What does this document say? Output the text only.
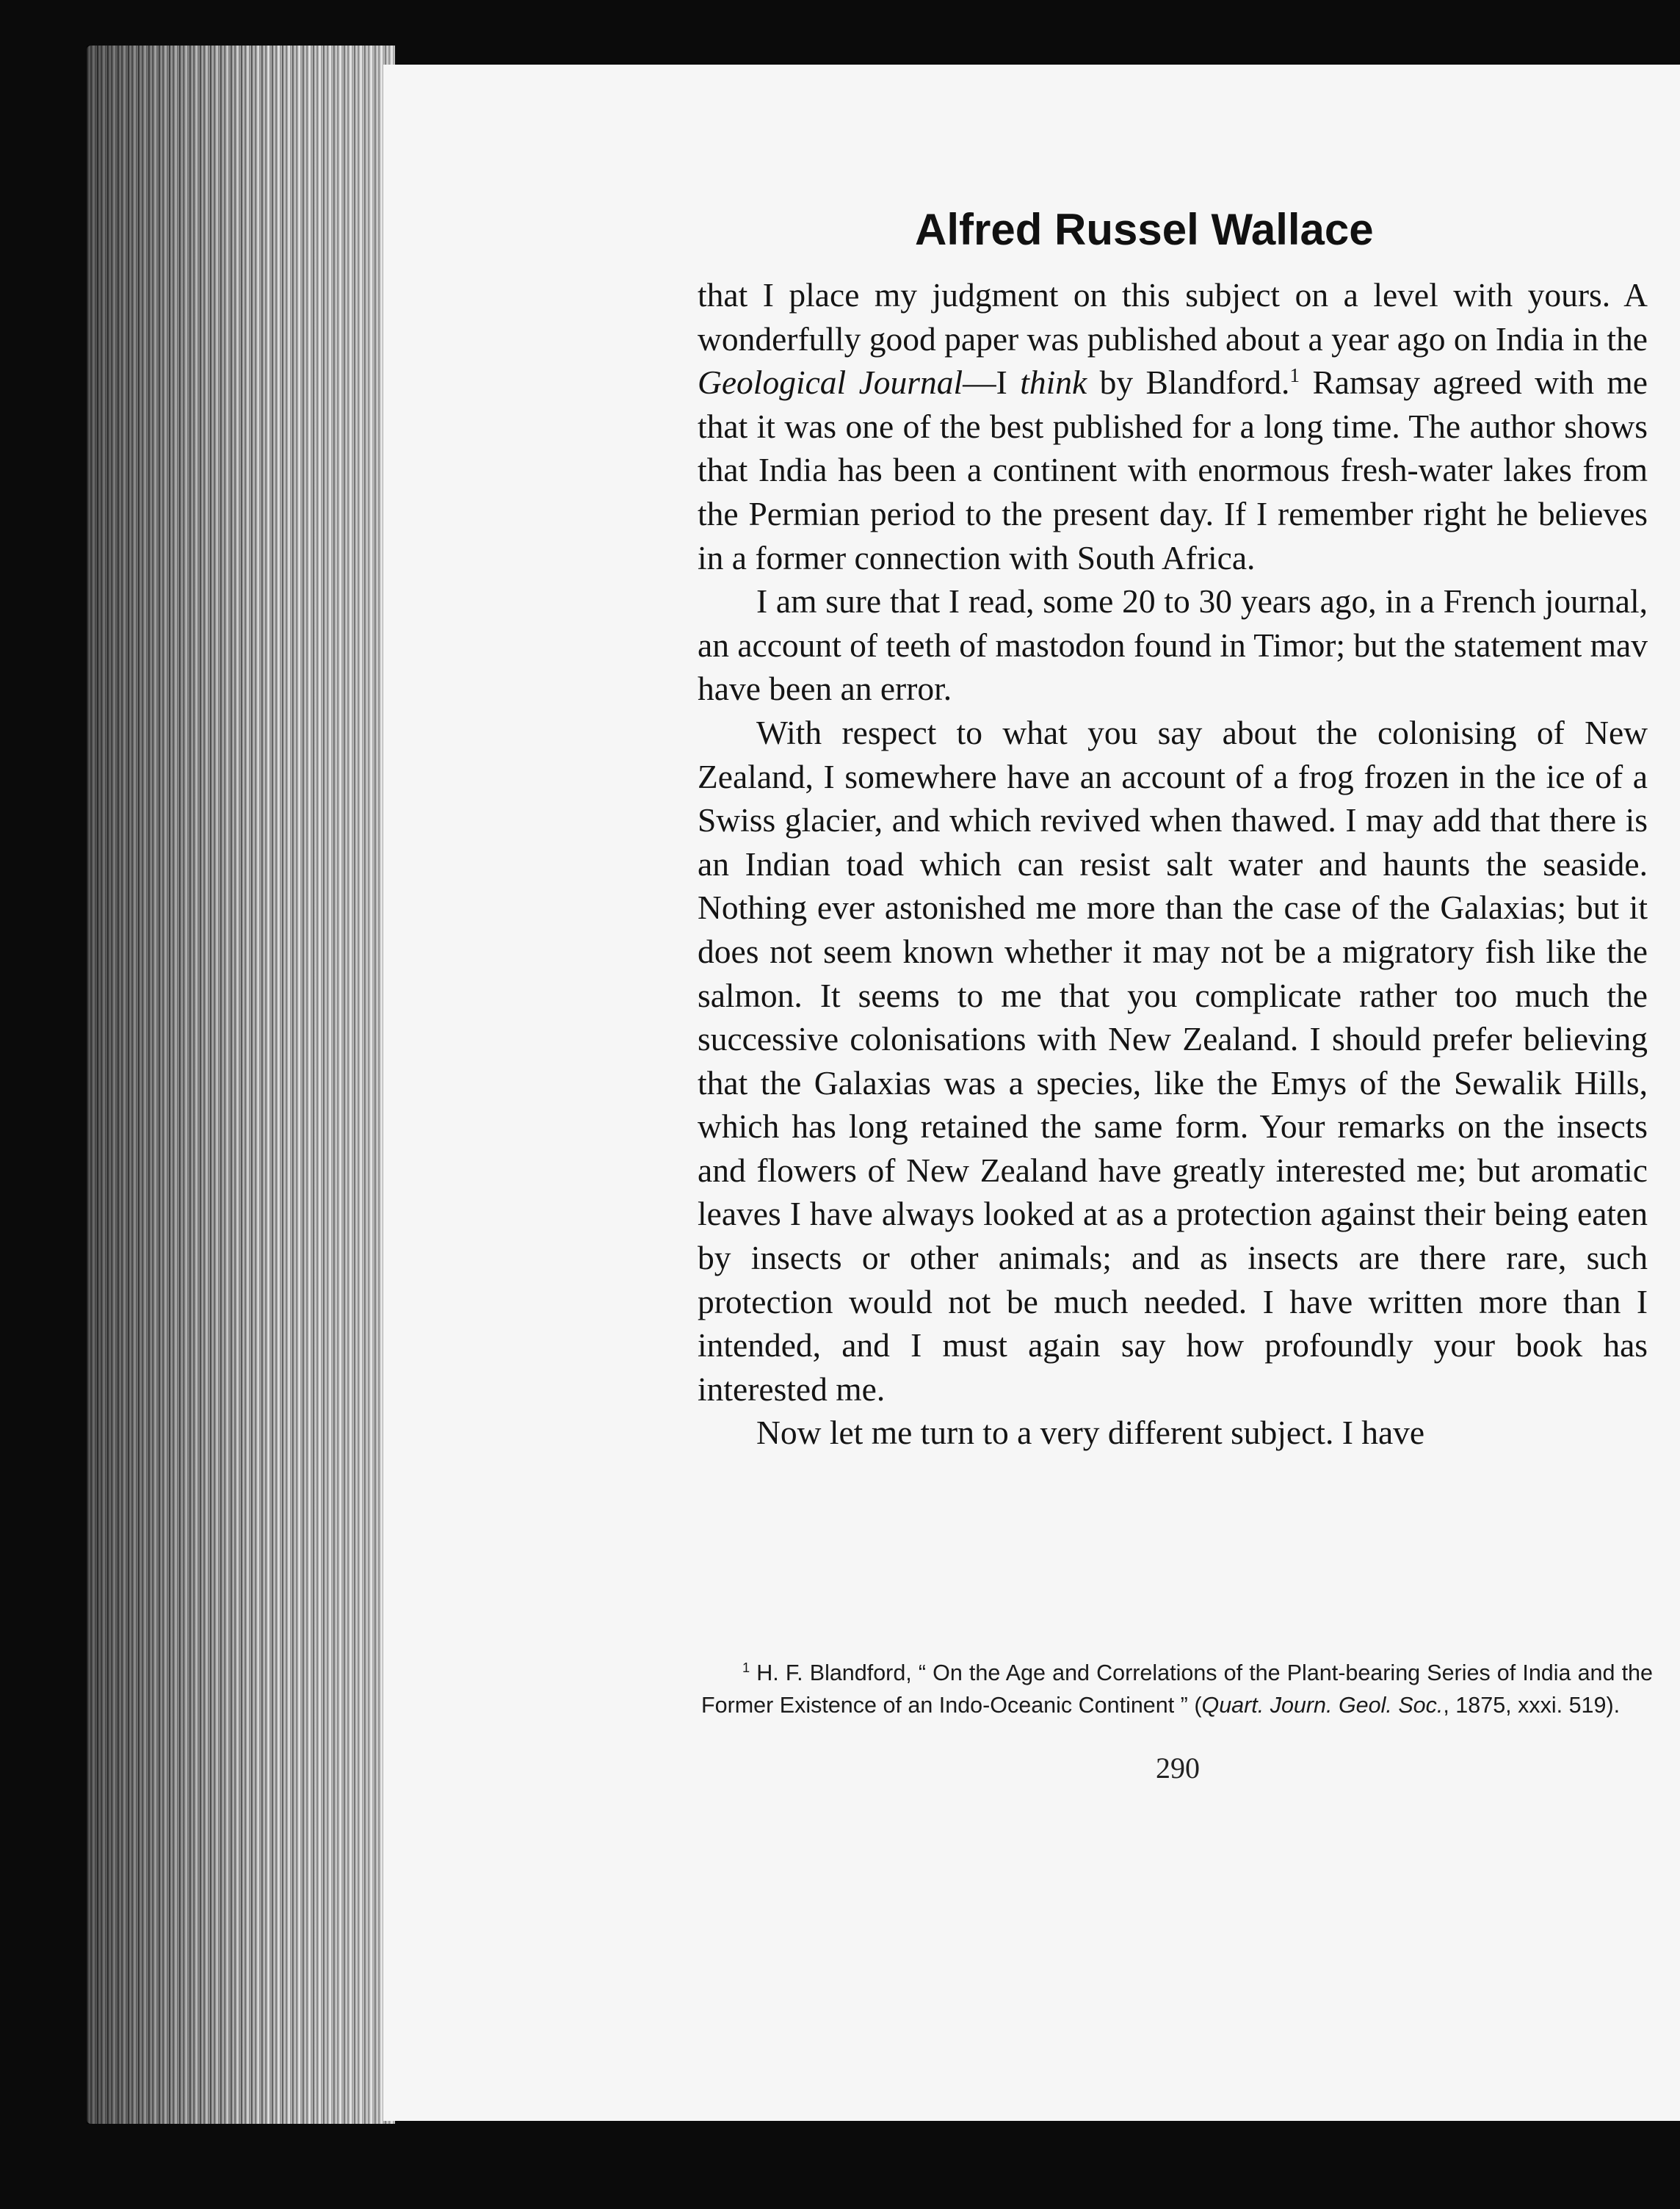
Alfred Russel Wallace

that I place my judgment on this subject on a level with yours. A wonderfully good paper was published about a year ago on India in the Geological Journal—I think by Blandford.$^1$ Ramsay agreed with me that it was one of the best published for a long time. The author shows that India has been a continent with enormous fresh-water lakes from the Permian period to the present day. If I remember right he believes in a former connection with South Africa.

I am sure that I read, some 20 to 30 years ago, in a French journal, an account of teeth of mastodon found in Timor; but the statement mav have been an error.

With respect to what you say about the colonising of New Zealand, I somewhere have an account of a frog frozen in the ice of a Swiss glacier, and which revived when thawed. I may add that there is an Indian toad which can resist salt water and haunts the seaside. Nothing ever astonished me more than the case of the Galaxias; but it does not seem known whether it may not be a migratory fish like the salmon. It seems to me that you complicate rather too much the successive colonisations with New Zealand. I should prefer believing that the Galaxias was a species, like the Emys of the Sewalik Hills, which has long retained the same form. Your remarks on the insects and flowers of New Zealand have greatly interested me; but aromatic leaves I have always looked at as a protection against their being eaten by insects or other animals; and as insects are there rare, such protection would not be much needed. I have written more than I intended, and I must again say how profoundly your book has interested me.

Now let me turn to a very different subject. I have

$^1$ H. F. Blandford, “ On the Age and Correlations of the Plant-bearing Series of India and the Former Existence of an Indo-Oceanic Continent ” (Quart. Journ. Geol. Soc., 1875, xxxi. 519).
290
